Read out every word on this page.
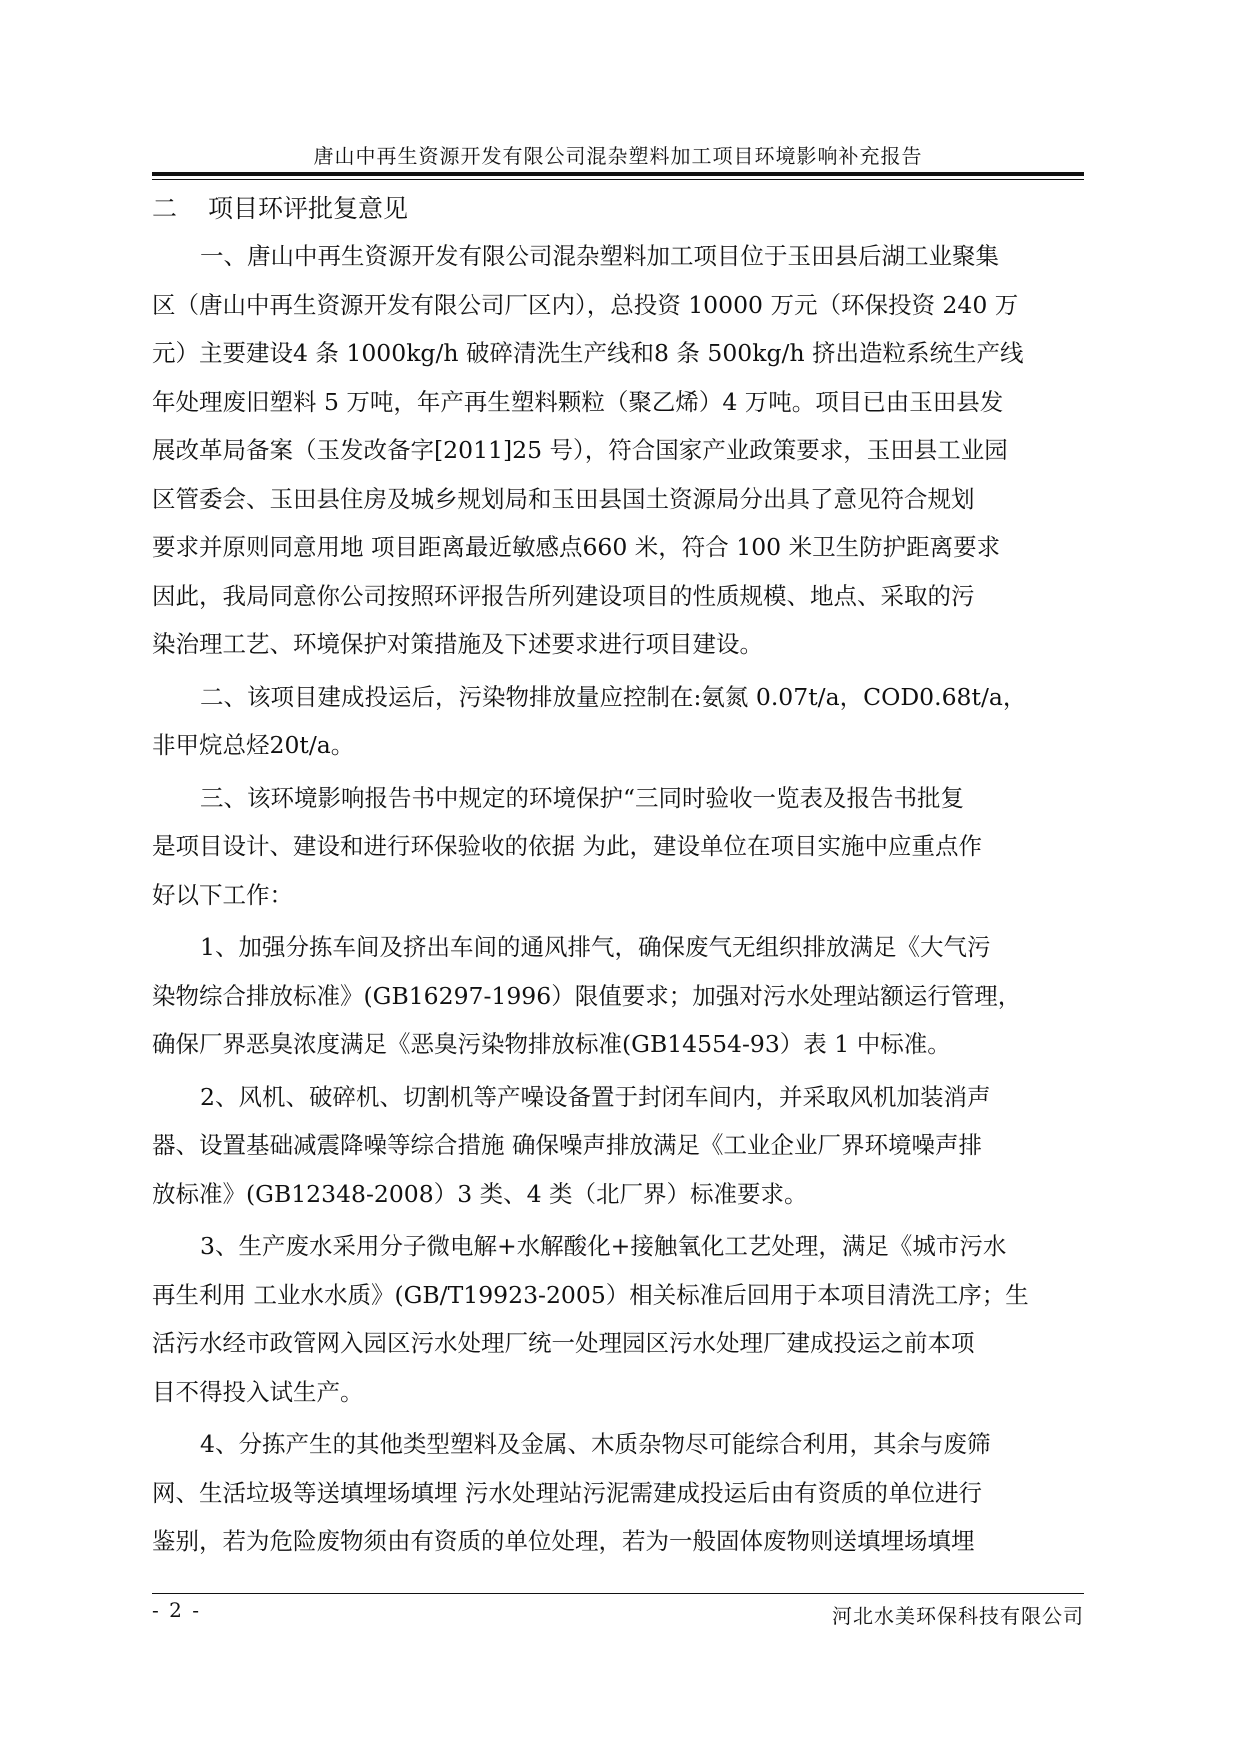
唐山中再生资源开发有限公司混杂塑料加工项目环境影响补充报告
二 项目环评批复意见
一、唐山中再生资源开发有限公司混杂塑料加工项目位于玉田县后湖工业聚集
区（唐山中再生资源开发有限公司厂区内），总投资 10000 万元（环保投资 240 万
元）主要建设4 条 1000kg/h 破碎清洗生产线和8 条 500kg/h 挤出造粒系统生产线
年处理废旧塑料 5 万吨，年产再生塑料颗粒（聚乙烯）4 万吨。项目已由玉田县发
展改革局备案（玉发改备字[2011]25 号），符合国家产业政策要求，玉田县工业园
区管委会、玉田县住房及城乡规划局和玉田县国土资源局分出具了意见符合规划
要求并原则同意用地 项目距离最近敏感点660 米，符合 100 米卫生防护距离要求
因此，我局同意你公司按照环评报告所列建设项目的性质规模、地点、采取的污
染治理工艺、环境保护对策措施及下述要求进行项目建设。
二、该项目建成投运后，污染物排放量应控制在:氨氮 0.07t/a，COD0.68t/a，
非甲烷总烃20t/a。
三、该环境影响报告书中规定的环境保护“三同时验收一览表及报告书批复
是项目设计、建设和进行环保验收的依据 为此，建设单位在项目实施中应重点作
好以下工作：
1、加强分拣车间及挤出车间的通风排气，确保废气无组织排放满足《大气污
染物综合排放标准》(GB16297-1996）限值要求；加强对污水处理站额运行管理，
确保厂界恶臭浓度满足《恶臭污染物排放标准(GB14554-93）表 1 中标准。
2、风机、破碎机、切割机等产噪设备置于封闭车间内，并采取风机加装消声
器、设置基础减震降噪等综合措施 确保噪声排放满足《工业企业厂界环境噪声排
放标准》(GB12348-2008）3 类、4 类（北厂界）标准要求。
3、生产废水采用分子微电解+水解酸化+接触氧化工艺处理，满足《城市污水
再生利用 工业水水质》(GB/T19923-2005）相关标准后回用于本项目清洗工序；生
活污水经市政管网入园区污水处理厂统一处理园区污水处理厂建成投运之前本项
目不得投入试生产。
4、分拣产生的其他类型塑料及金属、木质杂物尽可能综合利用，其余与废筛
网、生活垃圾等送填埋场填埋 污水处理站污泥需建成投运后由有资质的单位进行
鉴别，若为危险废物须由有资质的单位处理，若为一般固体废物则送填埋场填埋
- 2 -	河北水美环保科技有限公司
